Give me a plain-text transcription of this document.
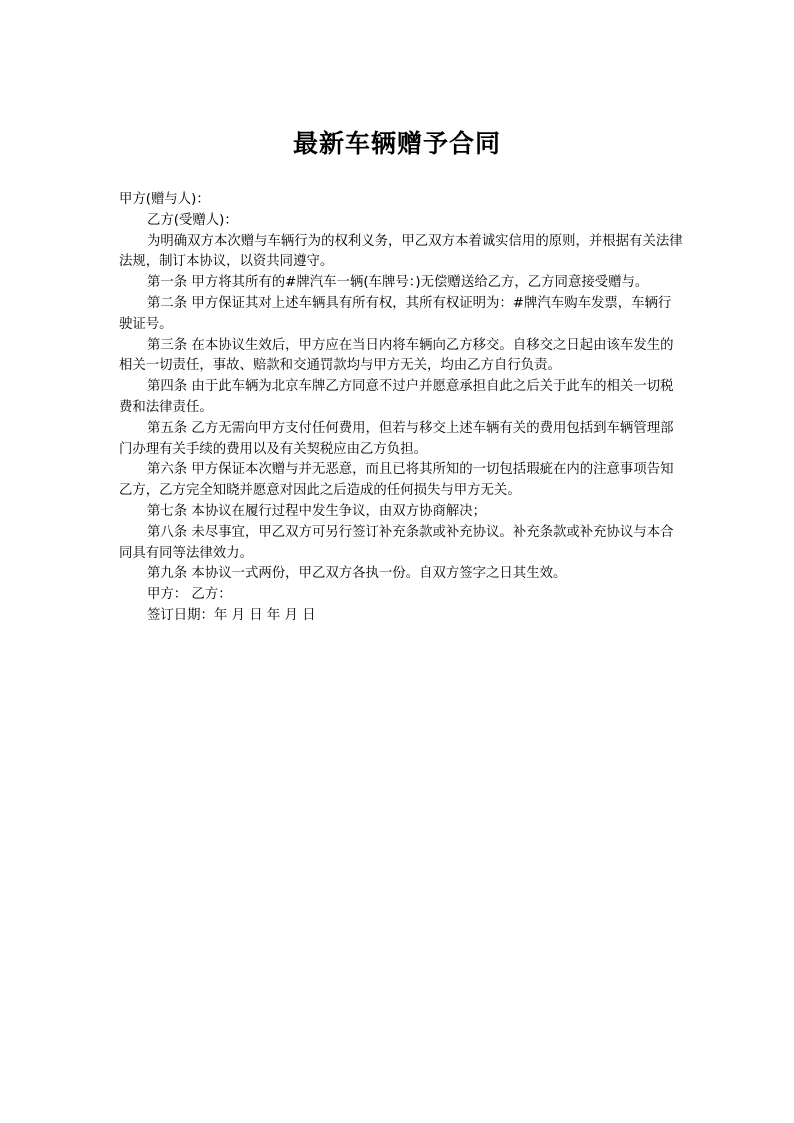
最新车辆赠予合同

甲方(赠与人)：

乙方(受赠人)：

为明确双方本次赠与车辆行为的权利义务，甲乙双方本着诚实信用的原则，并根据有关法律法规，制订本协议，以资共同遵守。

第一条 甲方将其所有的#牌汽车一辆(车牌号：)无偿赠送给乙方，乙方同意接受赠与。

第二条 甲方保证其对上述车辆具有所有权，其所有权证明为：#牌汽车购车发票，车辆行驶证号。

第三条 在本协议生效后，甲方应在当日内将车辆向乙方移交。自移交之日起由该车发生的相关一切责任，事故、赔款和交通罚款均与甲方无关，均由乙方自行负责。

第四条 由于此车辆为北京车牌乙方同意不过户并愿意承担自此之后关于此车的相关一切税费和法律责任。

第五条 乙方无需向甲方支付任何费用，但若与移交上述车辆有关的费用包括到车辆管理部门办理有关手续的费用以及有关契税应由乙方负担。

第六条 甲方保证本次赠与并无恶意，而且已将其所知的一切包括瑕疵在内的注意事项告知乙方，乙方完全知晓并愿意对因此之后造成的任何损失与甲方无关。

第七条 本协议在履行过程中发生争议，由双方协商解决；

第八条 未尽事宜，甲乙双方可另行签订补充条款或补充协议。补充条款或补充协议与本合同具有同等法律效力。

第九条 本协议一式两份，甲乙双方各执一份。自双方签字之日其生效。

甲方： 乙方：

签订日期：年 月 日 年 月 日
